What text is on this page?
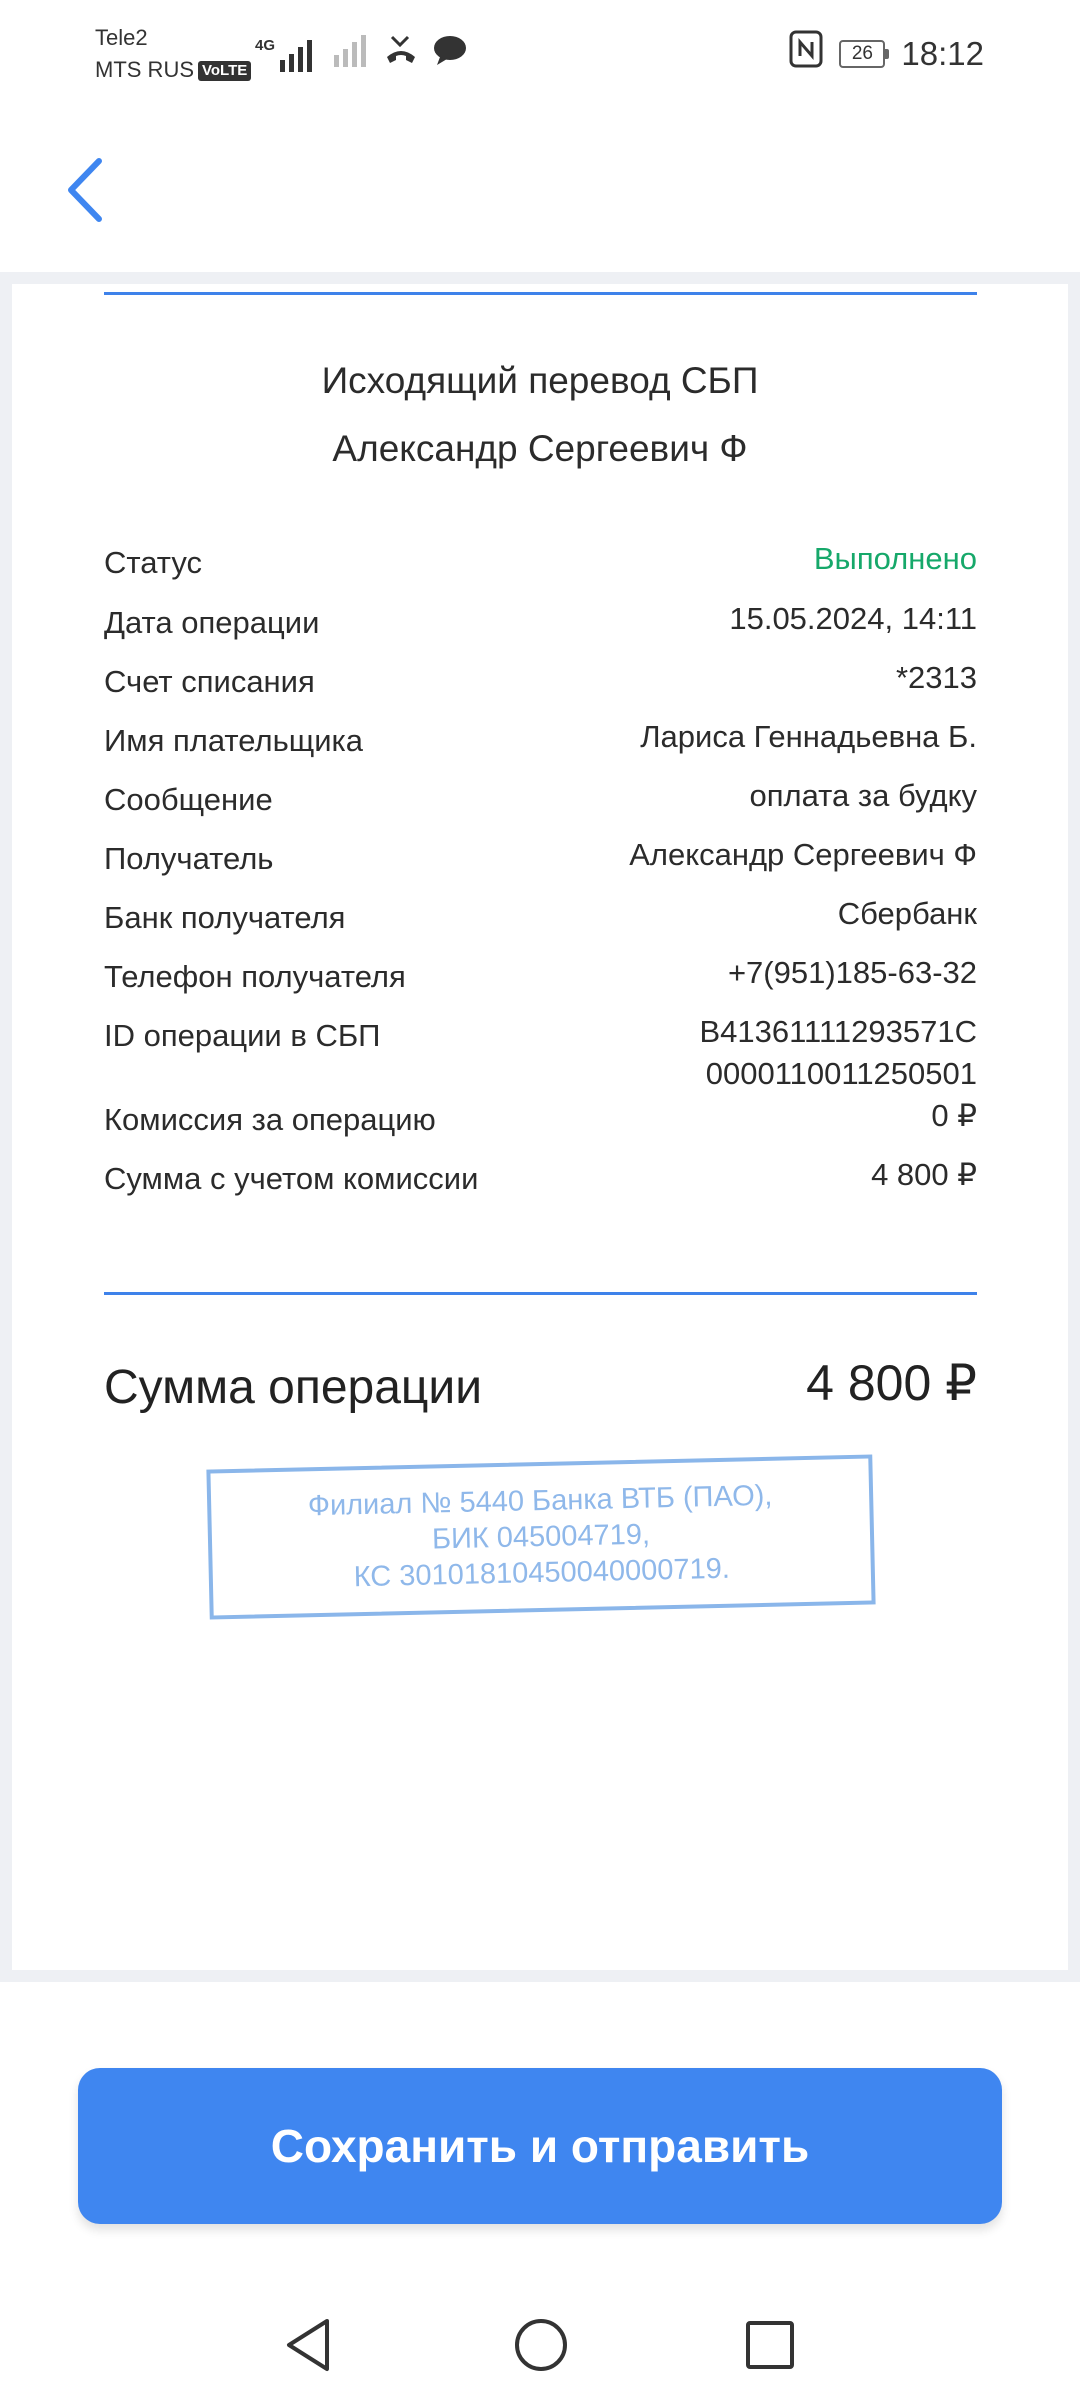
Tele2
MTS RUS VoLTE
4G	26 18:12
Исходящий перевод СБП
Александр Сергеевич Ф
Статус	Выполнено
Дата операции	15.05.2024, 14:11
Счет списания	*2313
Имя плательщика	Лариса Геннадьевна Б.
Сообщение	оплата за будку
Получатель	Александр Сергеевич Ф
Банк получателя	Сбербанк
Телефон получателя	+7(951)185-63-32
ID операции в СБП	B41361111293571C
0000110011250501
Комиссия за операцию	0 ₽
Сумма с учетом комиссии	4 800 ₽
Сумма операции	4 800 ₽
Филиал № 5440 Банка ВТБ (ПАО),
БИК 045004719,
КС 30101810450040000719.
Сохранить и отправить
